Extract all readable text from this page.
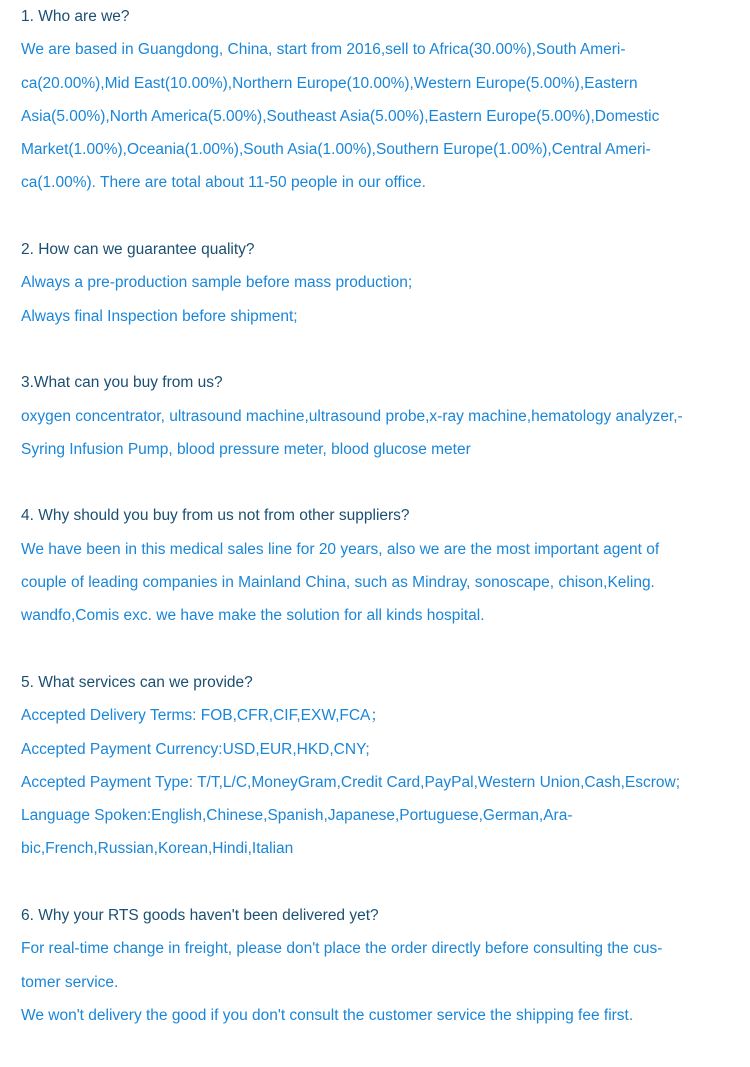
1. Who are we?
We are based in Guangdong, China, start from 2016,sell to Africa(30.00%),South Ameri-
ca(20.00%),Mid East(10.00%),Northern Europe(10.00%),Western Europe(5.00%),Eastern
Asia(5.00%),North America(5.00%),Southeast Asia(5.00%),Eastern Europe(5.00%),Domestic
Market(1.00%),Oceania(1.00%),South Asia(1.00%),Southern Europe(1.00%),Central Ameri-
ca(1.00%). There are total about 11-50 people in our office.
2. How can we guarantee quality?
Always a pre-production sample before mass production;
Always final Inspection before shipment;
3.What can you buy from us?
oxygen concentrator, ultrasound machine,ultrasound probe,x-ray machine,hematology analyzer,-
Syring Infusion Pump, blood pressure meter, blood glucose meter
4. Why should you buy from us not from other suppliers?
We have been in this medical sales line for 20 years, also we are the most important agent of
couple of leading companies in Mainland China, such as Mindray, sonoscape, chison,Keling.
wandfo,Comis exc. we have make the solution for all kinds hospital.
5. What services can we provide?
Accepted Delivery Terms: FOB,CFR,CIF,EXW,FCA；
Accepted Payment Currency:USD,EUR,HKD,CNY;
Accepted Payment Type: T/T,L/C,MoneyGram,Credit Card,PayPal,Western Union,Cash,Escrow;
Language Spoken:English,Chinese,Spanish,Japanese,Portuguese,German,Ara-
bic,French,Russian,Korean,Hindi,Italian
6. Why your RTS goods haven't been delivered yet?
For real-time change in freight, please don't place the order directly before consulting the cus-
tomer service.
We won't delivery the good if you don't consult the customer service the shipping fee first.
